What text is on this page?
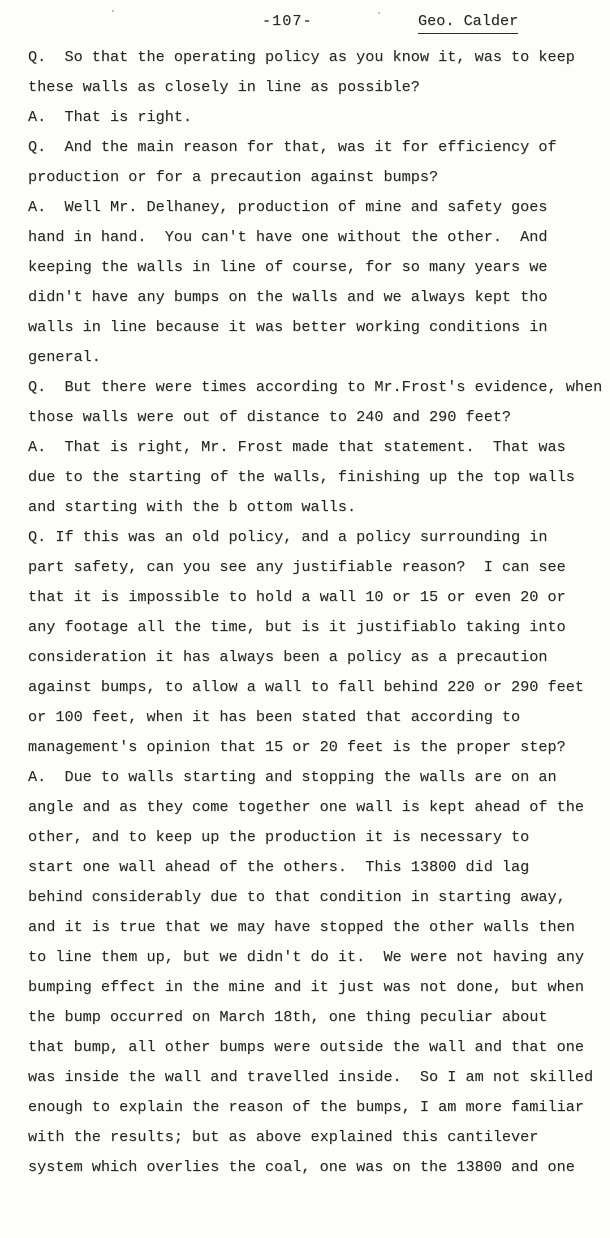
-107-	Geo. Calder
Q.  So that the operating policy as you know it, was to keep
these walls as closely in line as possible?
A.  That is right.
Q.  And the main reason for that, was it for efficiency of
production or for a precaution against bumps?
A.  Well Mr. Delhaney, production of mine and safety goes
hand in hand.  You can't have one without the other.  And
keeping the walls in line of course, for so many years we
didn't have any bumps on the walls and we always kept tho
walls in line because it was better working conditions in
general.
Q.  But there were times according to Mr.Frost's evidence, when
those walls were out of distance to 240 and 290 feet?
A.  That is right, Mr. Frost made that statement.  That was
due to the starting of the walls, finishing up the top walls
and starting with the b ottom walls.
Q. If this was an old policy, and a policy surrounding in
part safety, can you see any justifiable reason?  I can see
that it is impossible to hold a wall 10 or 15 or even 20 or
any footage all the time, but is it justifiablo taking into
consideration it has always been a policy as a precaution
against bumps, to allow a wall to fall behind 220 or 290 feet
or 100 feet, when it has been stated that according to
management's opinion that 15 or 20 feet is the proper step?
A.  Due to walls starting and stopping the walls are on an
angle and as they come together one wall is kept ahead of the
other, and to keep up the production it is necessary to
start one wall ahead of the others.  This 13800 did lag
behind considerably due to that condition in starting away,
and it is true that we may have stopped the other walls then
to line them up, but we didn't do it.  We were not having any
bumping effect in the mine and it just was not done, but when
the bump occurred on March 18th, one thing peculiar about
that bump, all other bumps were outside the wall and that one
was inside the wall and travelled inside.  So I am not skilled
enough to explain the reason of the bumps, I am more familiar
with the results; but as above explained this cantilever
system which overlies the coal, one was on the 13800 and one
